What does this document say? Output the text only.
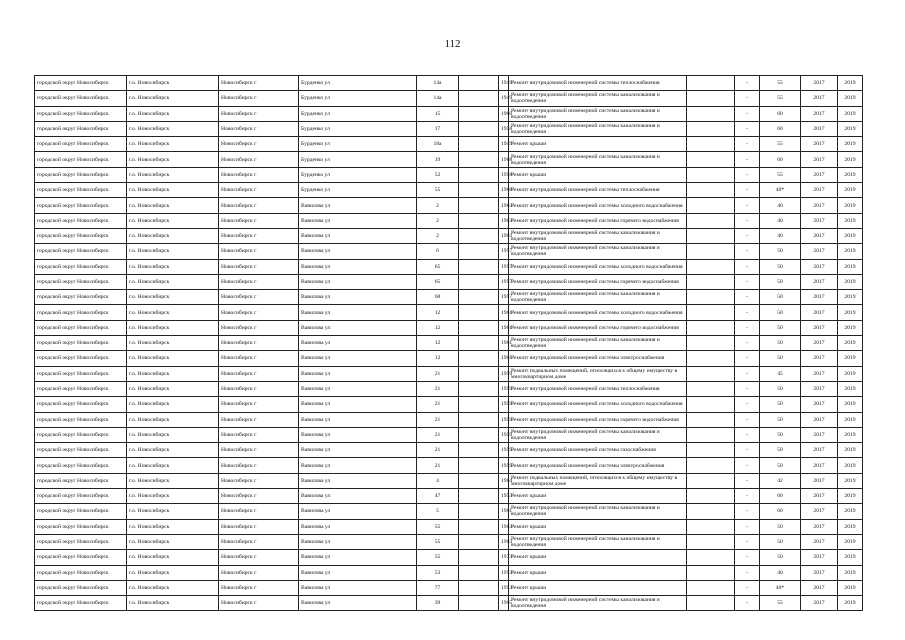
112
городской округ Новосибирск	г.о. Новосибирск	Новосибирск г	Бурденко ул	14а		1949	Ремонт внутридомовой инженерной системы теплоснабжения		-	55	2017	2019
городской округ Новосибирск	г.о. Новосибирск	Новосибирск г	Бурденко ул	14а		1949	Ремонт внутридомовой инженерной системы канализования и водоотведения		-	55	2017	2019
городской округ Новосибирск	г.о. Новосибирск	Новосибирск г	Бурденко ул	15		1960	Ремонт внутридомовой инженерной системы канализования и водоотведения		-	60	2017	2019
городской округ Новосибирск	г.о. Новосибирск	Новосибирск г	Бурденко ул	17		1958	Ремонт внутридомовой инженерной системы канализования и водоотведения		-	60	2017	2019
городской округ Новосибирск	г.о. Новосибирск	Новосибирск г	Бурденко ул	18а		1949	Ремонт крыши		-	55	2017	2019
городской округ Новосибирск	г.о. Новосибирск	Новосибирск г	Бурденко ул	19		1968	Ремонт внутридомовой инженерной системы канализования и водоотведения		-	60	2017	2019
городской округ Новосибирск	г.о. Новосибирск	Новосибирск г	Бурденко ул	52		1958	Ремонт крыши		-	55	2017	2019
городской округ Новосибирск	г.о. Новосибирск	Новосибирск г	Бурденко ул	55		1968	Ремонт внутридомовой инженерной системы теплоснабжения		-	40*	2017	2019
городской округ Новосибирск	г.о. Новосибирск	Новосибирск г	Вавилова ул	2		1963	Ремонт внутридомовой инженерной системы холодного водоснабжения		-	40	2017	2019
городской округ Новосибирск	г.о. Новосибирск	Новосибирск г	Вавилова ул	2		1963	Ремонт внутридомовой инженерной системы горячего водоснабжения		-	40	2017	2019
городской округ Новосибирск	г.о. Новосибирск	Новосибирск г	Вавилова ул	2		1963	Ремонт внутридомовой инженерной системы канализования и водоотведения		-	40	2017	2019
городской округ Новосибирск	г.о. Новосибирск	Новосибирск г	Вавилова ул	6		1957	Ремонт внутридомовой инженерной системы канализования и водоотведения		-	50	2017	2019
городской округ Новосибирск	г.о. Новосибирск	Новосибирск г	Вавилова ул	65		1957	Ремонт внутридомовой инженерной системы холодного водоснабжения		-	50	2017	2019
городской округ Новосибирск	г.о. Новосибирск	Новосибирск г	Вавилова ул	65		1957	Ремонт внутридомовой инженерной системы горячего водоснабжения		-	50	2017	2019
городской округ Новосибирск	г.о. Новосибирск	Новосибирск г	Вавилова ул	68		1957	Ремонт внутридомовой инженерной системы канализования и водоотведения		-	50	2017	2019
городской округ Новосибирск	г.о. Новосибирск	Новосибирск г	Вавилова ул	12		1961	Ремонт внутридомовой инженерной системы холодного водоснабжения		-	50	2017	2019
городской округ Новосибирск	г.о. Новосибирск	Новосибирск г	Вавилова ул	12		1961	Ремонт внутридомовой инженерной системы горячего водоснабжения		-	50	2017	2019
городской округ Новосибирск	г.о. Новосибирск	Новосибирск г	Вавилова ул	12		1961	Ремонт внутридомовой инженерной системы канализования и водоотведения		-	50	2017	2019
городской округ Новосибирск	г.о. Новосибирск	Новосибирск г	Вавилова ул	12		1961	Ремонт внутридомовой инженерной системы электроснабжения		-	50	2017	2019
городской округ Новосибирск	г.о. Новосибирск	Новосибирск г	Вавилова ул	21		1959	Ремонт подвальных помещений, относящихся к общему имуществу в многоквартирном доме		-	45	2017	2019
городской округ Новосибирск	г.о. Новосибирск	Новосибирск г	Вавилова ул	21		1959	Ремонт внутридомовой инженерной системы теплоснабжения		-	50	2017	2019
городской округ Новосибирск	г.о. Новосибирск	Новосибирск г	Вавилова ул	21		1959	Ремонт внутридомовой инженерной системы холодного водоснабжения		-	50	2017	2019
городской округ Новосибирск	г.о. Новосибирск	Новосибирск г	Вавилова ул	21		1959	Ремонт внутридомовой инженерной системы горячего водоснабжения		-	50	2017	2019
городской округ Новосибирск	г.о. Новосибирск	Новосибирск г	Вавилова ул	21		1959	Ремонт внутридомовой инженерной системы канализования и водоотведения		-	50	2017	2019
городской округ Новосибирск	г.о. Новосибирск	Новосибирск г	Вавилова ул	21		1959	Ремонт внутридомовой инженерной системы газоснабжения		-	50	2017	2019
городской округ Новосибирск	г.о. Новосибирск	Новосибирск г	Вавилова ул	21		1959	Ремонт внутридомовой инженерной системы электроснабжения		-	50	2017	2019
городской округ Новосибирск	г.о. Новосибирск	Новосибирск г	Вавилова ул	4		1964	Ремонт подвальных помещений, относящихся к общему имуществу в многоквартирном доме		-	42	2017	2019
городской округ Новосибирск	г.о. Новосибирск	Новосибирск г	Вавилова ул	47		1953	Ремонт крыши		-	60	2017	2019
городской округ Новосибирск	г.о. Новосибирск	Новосибирск г	Вавилова ул	5		1961	Ремонт внутридомовой инженерной системы канализования и водоотведения		-	60	2017	2019
городской округ Новосибирск	г.о. Новосибирск	Новосибирск г	Вавилова ул	55		1963	Ремонт крыши		-	50	2017	2019
городской округ Новосибирск	г.о. Новосибирск	Новосибирск г	Вавилова ул	55		1963	Ремонт внутридомовой инженерной системы канализования и водоотведения		-	50	2017	2019
городской округ Новосибирск	г.о. Новосибирск	Новосибирск г	Вавилова ул	55		1973	Ремонт крыши		-	50	2017	2019
городской округ Новосибирск	г.о. Новосибирск	Новосибирск г	Вавилова ул	53		1953	Ремонт крыши		-	40	2017	2019
городской округ Новосибирск	г.о. Новосибирск	Новосибирск г	Вавилова ул	77		1953	Ремонт крыши		-	40*	2017	2019
городской округ Новосибирск	г.о. Новосибирск	Новосибирск г	Вавилова ул	39		1965	Ремонт внутридомовой инженерной системы канализования и водоотведения		-	55	2017	2019
